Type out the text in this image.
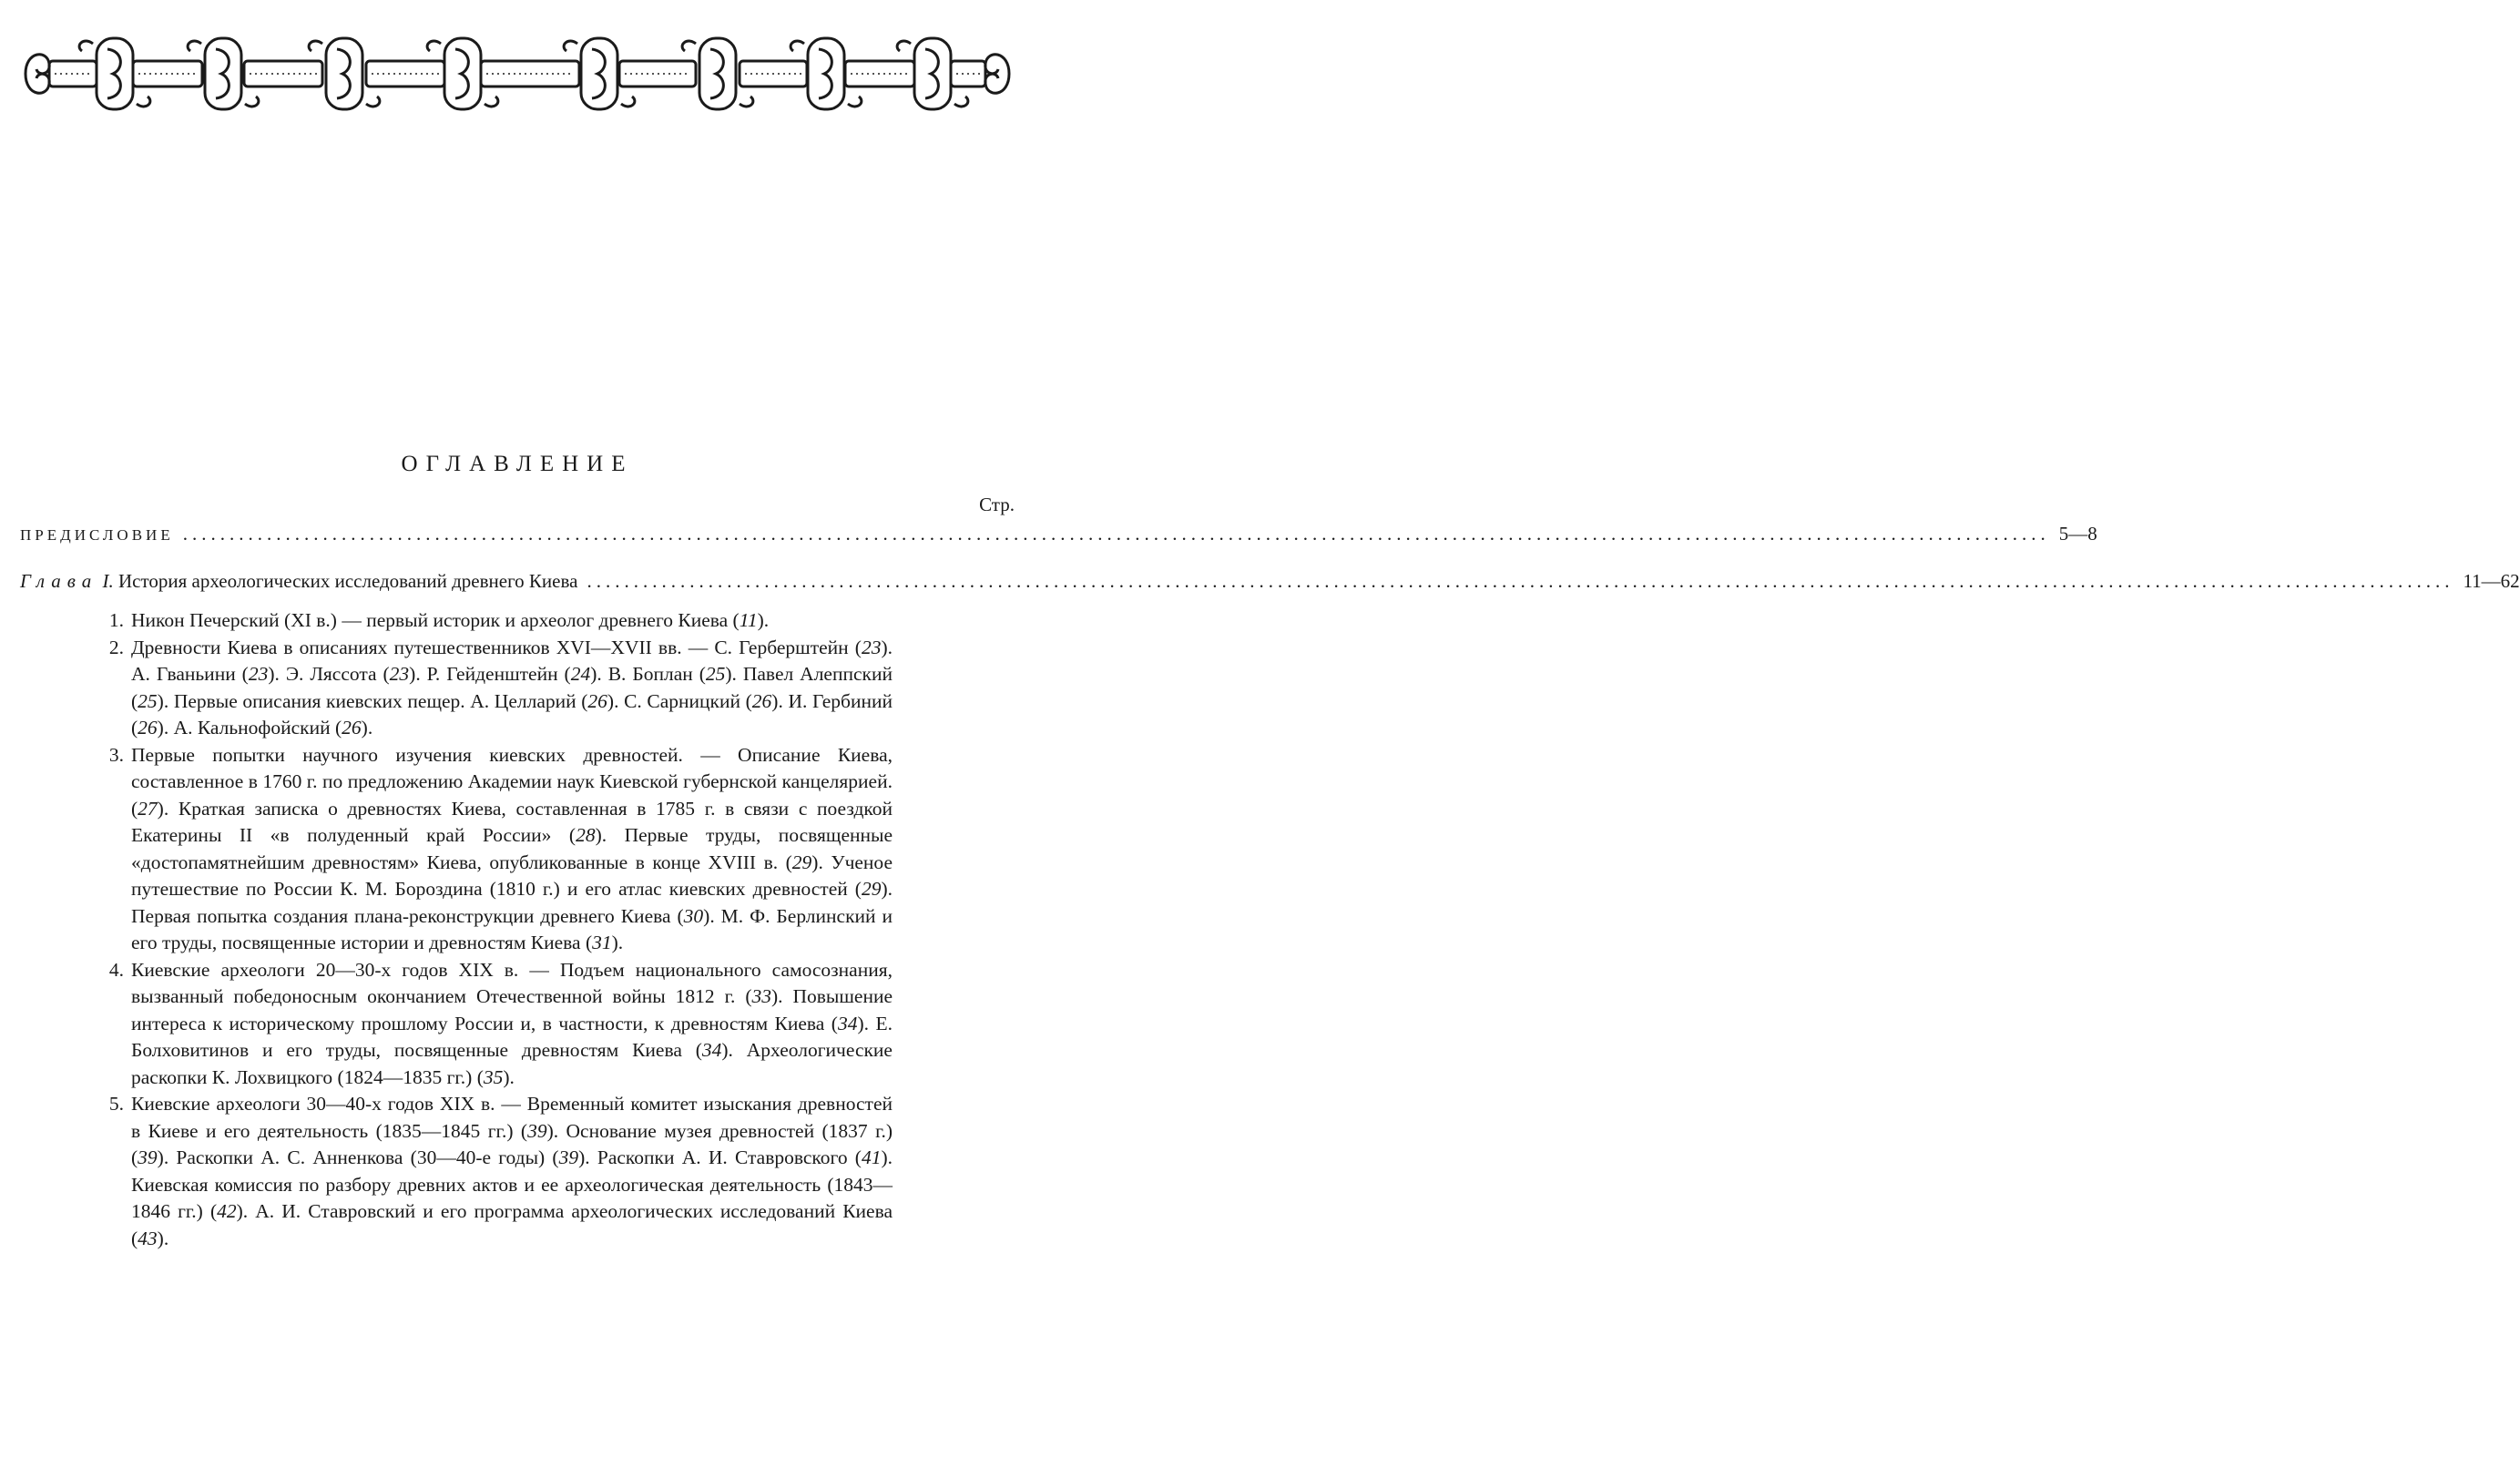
ОГЛАВЛЕНИЕ
Стр.
ПРЕДИСЛОВИЕ ........................................................................................................................................................................................................ 5—8
Глава I. История археологических исследований древнего Киева ........................................................................................................................................................................................................ 11—62
1. Никон Печерский (XI в.) — первый историк и археолог древнего Киева (11).
2. Древности Киева в описаниях путешественников XVI—XVII вв. — С. Герберштейн (23). А. Гваньини (23). Э. Ляссота (23). Р. Гейденштейн (24). В. Боплан (25). Павел Алеппский (25). Первые описания киевских пещер. А. Целларий (26). С. Сарницкий (26). И. Гербиний (26). А. Кальнофойский (26).
3. Первые попытки научного изучения киевских древностей. — Описание Киева, составленное в 1760 г. по предложению Академии наук Киевской губернской канцелярией. (27). Краткая записка о древностях Киева, составленная в 1785 г. в связи с поездкой Екатерины II «в полуденный край России» (28). Первые труды, посвященные «достопамятнейшим древностям» Киева, опубликованные в конце XVIII в. (29). Ученое путешествие по России К. М. Бороздина (1810 г.) и его атлас киевских древностей (29). Первая попытка создания плана-реконструкции древнего Киева (30). М. Ф. Берлинский и его труды, посвященные истории и древностям Киева (31).
4. Киевские археологи 20—30-х годов XIX в. — Подъем национального самосознания, вызванный победоносным окончанием Отечественной войны 1812 г. (33). Повышение интереса к историческому прошлому России и, в частности, к древностям Киева (34). Е. Болховитинов и его труды, посвященные древностям Киева (34). Археологические раскопки К. Лохвицкого (1824—1835 гг.) (35).
5. Киевские археологи 30—40-х годов XIX в. — Временный комитет изыскания древностей в Киеве и его деятельность (1835—1845 гг.) (39). Основание музея древностей (1837 г.) (39). Раскопки А. С. Анненкова (30—40-е годы) (39). Раскопки А. И. Ставровского (41). Киевская комиссия по разбору древних актов и ее археологическая деятельность (1843—1846 гг.) (42). А. И. Ставровский и его программа археологических исследований Киева (43).
